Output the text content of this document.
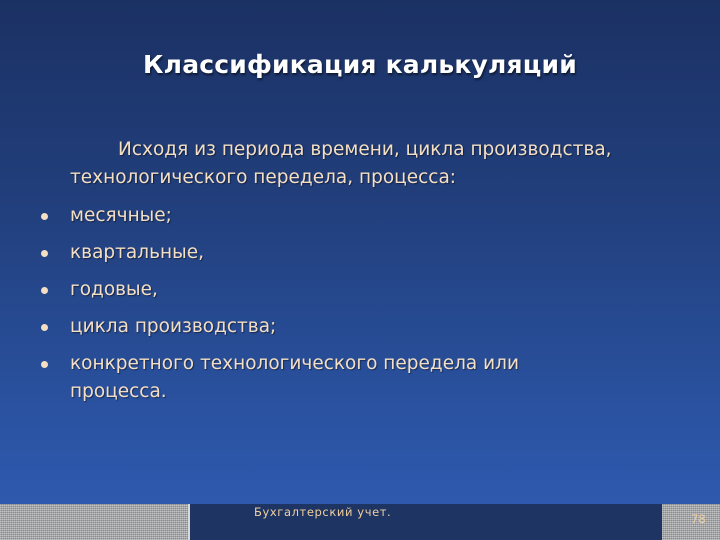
Классификация калькуляций

Исходя из периода времени, цикла производства, технологического передела, процесса:

месячные;
квартальные,
годовые,
цикла производства;
конкретного технологического передела или процесса.
Бухгалтерский учет.	78
